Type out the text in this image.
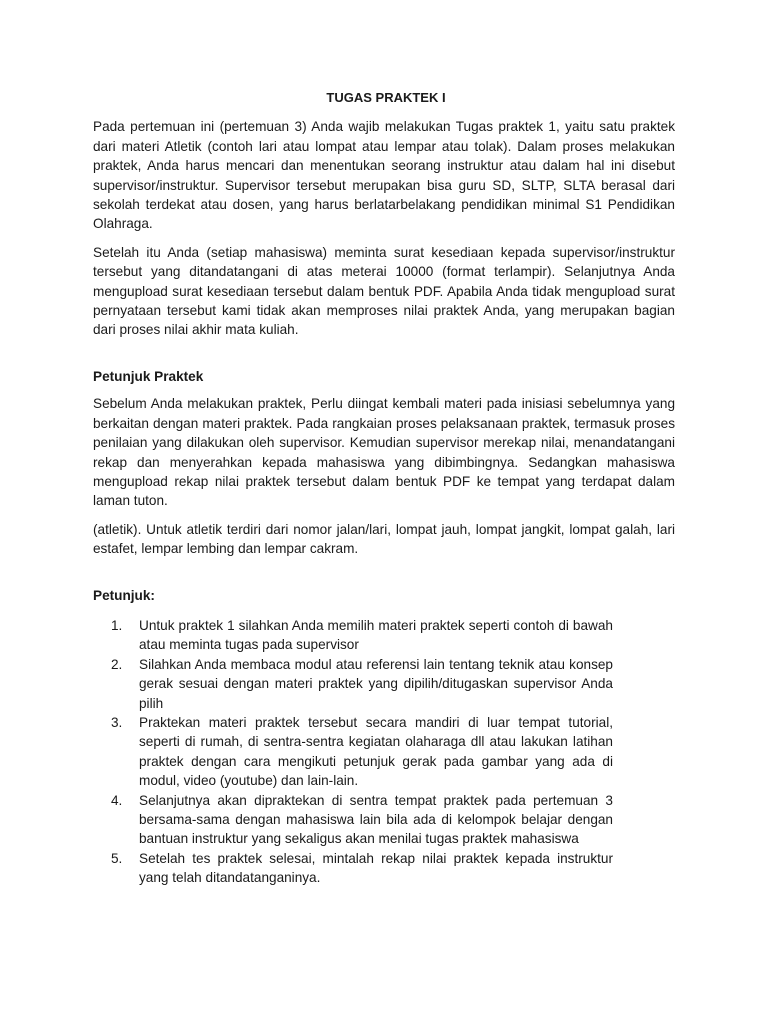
TUGAS PRAKTEK I

Pada pertemuan ini (pertemuan 3) Anda wajib melakukan Tugas praktek 1, yaitu satu praktek dari materi Atletik (contoh lari atau lompat atau lempar atau tolak). Dalam proses melakukan praktek, Anda harus mencari dan menentukan seorang instruktur atau dalam hal ini disebut supervisor/instruktur. Supervisor tersebut merupakan bisa guru SD, SLTP, SLTA berasal dari sekolah terdekat atau dosen, yang harus berlatarbelakang pendidikan minimal S1 Pendidikan Olahraga.

Setelah itu Anda (setiap mahasiswa) meminta surat kesediaan kepada supervisor/instruktur tersebut yang ditandatangani di atas meterai 10000 (format terlampir). Selanjutnya Anda mengupload surat kesediaan tersebut dalam bentuk PDF. Apabila Anda tidak mengupload surat pernyataan tersebut kami tidak akan memproses nilai praktek Anda, yang merupakan bagian dari proses nilai akhir mata kuliah.

Petunjuk Praktek

Sebelum Anda melakukan praktek, Perlu diingat kembali materi pada inisiasi sebelumnya yang berkaitan dengan materi praktek. Pada rangkaian proses pelaksanaan praktek, termasuk proses penilaian yang dilakukan oleh supervisor. Kemudian supervisor merekap nilai, menandatangani rekap dan menyerahkan kepada mahasiswa yang dibimbingnya. Sedangkan mahasiswa mengupload rekap nilai praktek tersebut dalam bentuk PDF ke tempat yang terdapat dalam laman tuton.

(atletik). Untuk atletik terdiri dari nomor jalan/lari, lompat jauh, lompat jangkit, lompat galah, lari estafet, lempar lembing dan lempar cakram.

Petunjuk:
1.	Untuk praktek 1 silahkan Anda memilih materi praktek seperti contoh di bawah atau meminta tugas pada supervisor
2.	Silahkan Anda membaca modul atau referensi lain tentang teknik atau konsep gerak sesuai dengan materi praktek yang dipilih/ditugaskan supervisor Anda pilih
3.	Praktekan materi praktek tersebut secara mandiri di luar tempat tutorial, seperti di rumah, di sentra-sentra kegiatan olaharaga dll atau lakukan latihan praktek dengan cara mengikuti petunjuk gerak pada gambar yang ada di modul, video (youtube) dan lain-lain.
4.	Selanjutnya akan dipraktekan di sentra tempat praktek pada pertemuan 3 bersama-sama dengan mahasiswa lain bila ada di kelompok belajar dengan bantuan instruktur yang sekaligus akan menilai tugas praktek mahasiswa
5.	Setelah tes praktek selesai, mintalah rekap nilai praktek kepada instruktur yang telah ditandatanganinya.
